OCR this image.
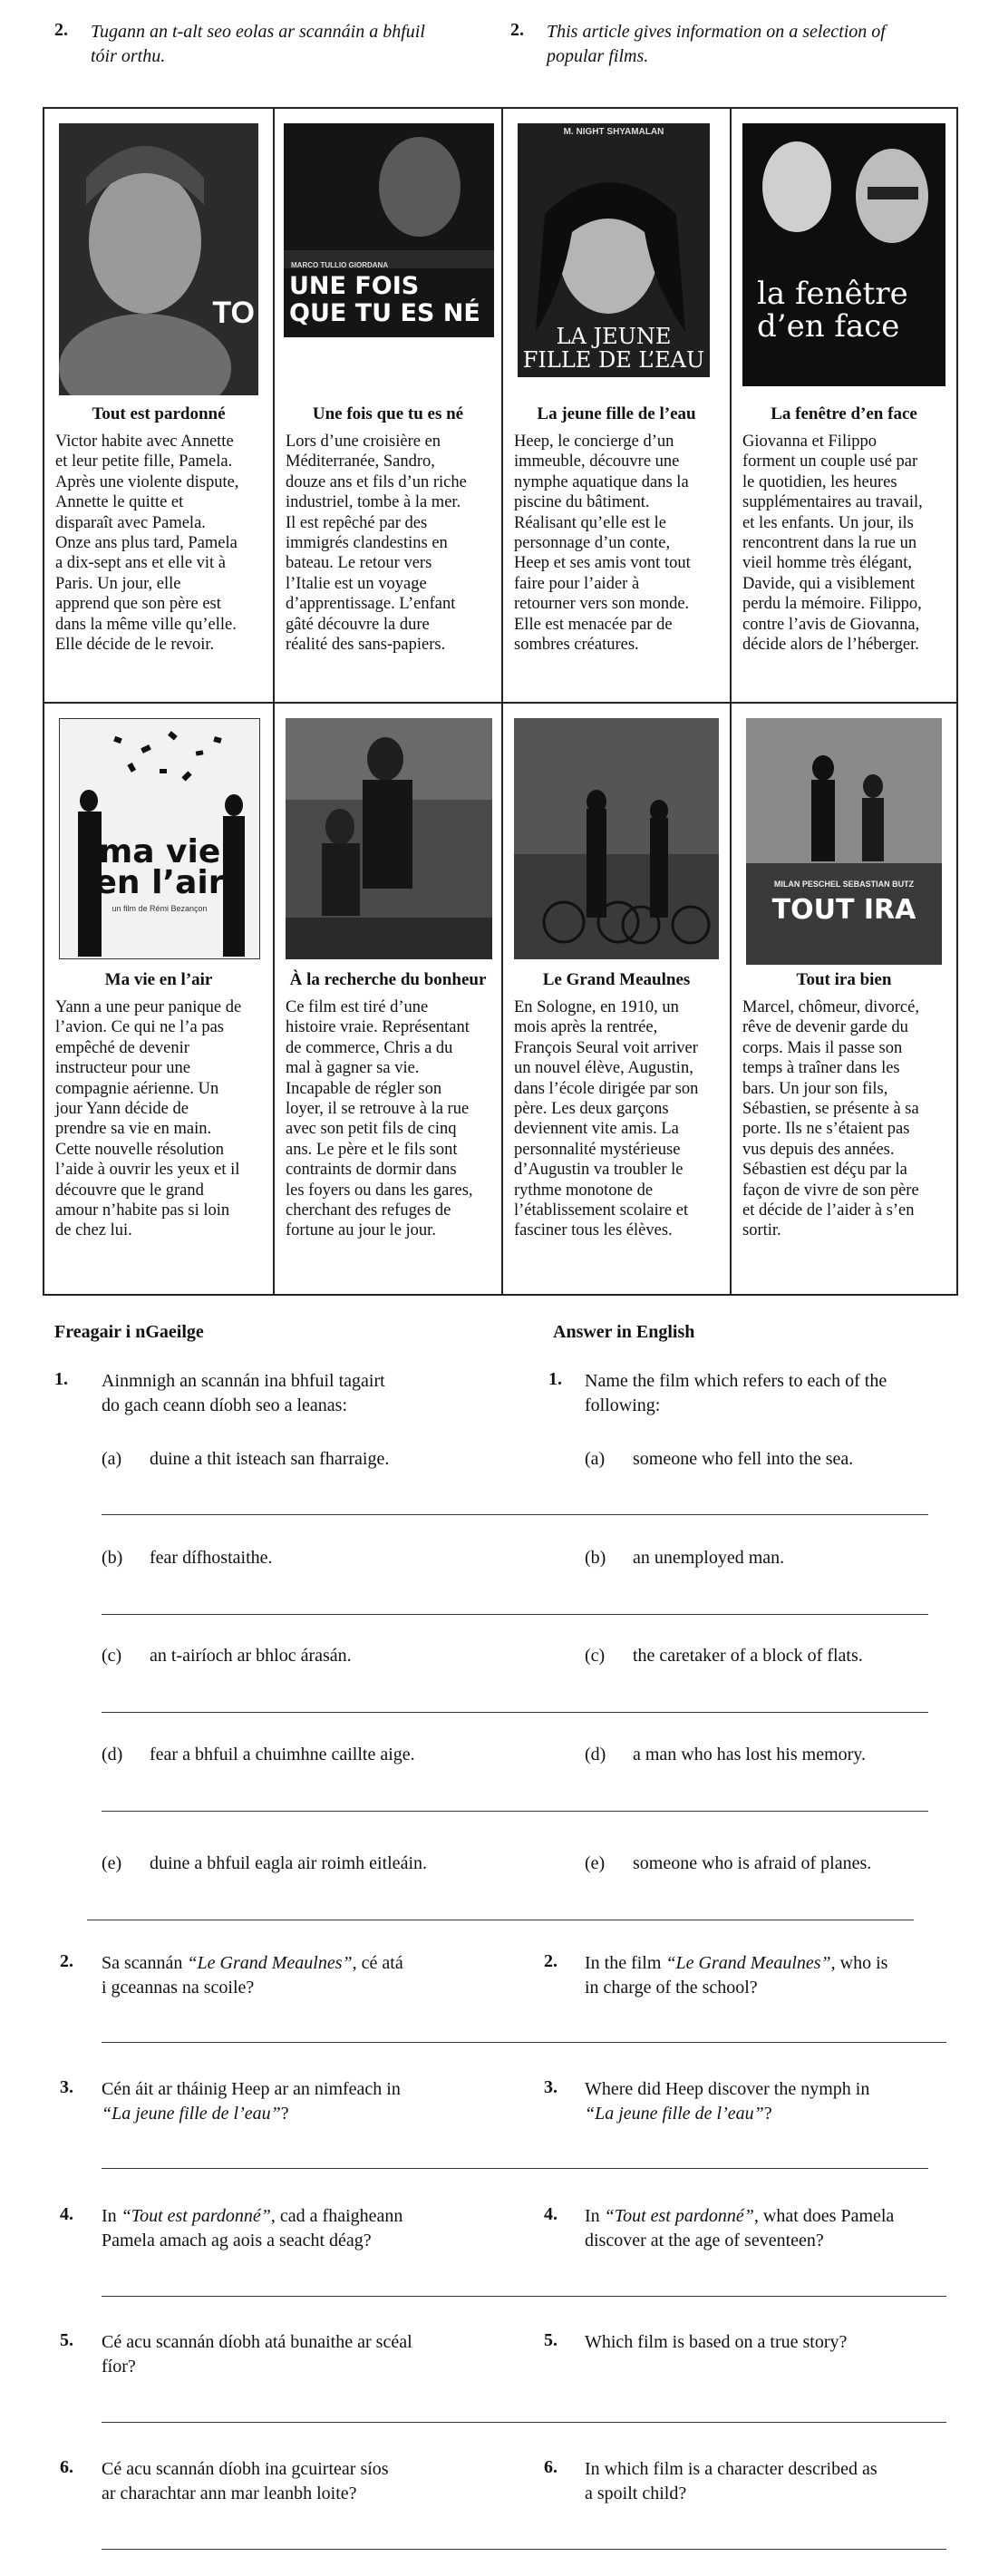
2. Tugann an t-alt seo eolas ar scannáin a bhfuil
tóir orthu.
2. This article gives information on a selection of
popular films.
TO
Tout est pardonné
Victor habite avec Annette
et leur petite fille, Pamela.
Après une violente dispute,
Annette le quitte et
disparaît avec Pamela.
Onze ans plus tard, Pamela
a dix-sept ans et elle vit à
Paris. Un jour, elle
apprend que son père est
dans la même ville qu’elle.
Elle décide de le revoir.
MARCO TULLIO GIORDANA
UNE FOIS
QUE TU ES NÉ
Une fois que tu es né
Lors d’une croisière en
Méditerranée, Sandro,
douze ans et fils d’un riche
industriel, tombe à la mer.
Il est repêché par des
immigrés clandestins en
bateau. Le retour vers
l’Italie est un voyage
d’apprentissage. L’enfant
gâté découvre la dure
réalité des sans-papiers.
M. NIGHT SHYAMALAN
LA JEUNE
FILLE DE L’EAU
La jeune fille de l’eau
Heep, le concierge d’un
immeuble, découvre une
nymphe aquatique dans la
piscine du bâtiment.
Réalisant qu’elle est le
personnage d’un conte,
Heep et ses amis vont tout
faire pour l’aider à
retourner vers son monde.
Elle est menacée par de
sombres créatures.
la fenêtre
d’en face
La fenêtre d’en face
Giovanna et Filippo
forment un couple usé par
le quotidien, les heures
supplémentaires au travail,
et les enfants. Un jour, ils
rencontrent dans la rue un
vieil homme très élégant,
Davide, qui a visiblement
perdu la mémoire. Filippo,
contre l’avis de Giovanna,
décide alors de l’héberger.
ma vie
en l’air
un film de Rémi Bezançon
Ma vie en l’air
Yann a une peur panique de
l’avion. Ce qui ne l’a pas
empêché de devenir
instructeur pour une
compagnie aérienne. Un
jour Yann décide de
prendre sa vie en main.
Cette nouvelle résolution
l’aide à ouvrir les yeux et il
découvre que le grand
amour n’habite pas si loin
de chez lui.
À la recherche du bonheur
Ce film est tiré d’une
histoire vraie. Représentant
de commerce, Chris a du
mal à gagner sa vie.
Incapable de régler son
loyer, il se retrouve à la rue
avec son petit fils de cinq
ans. Le père et le fils sont
contraints de dormir dans
les foyers ou dans les gares,
cherchant des refuges de
fortune au jour le jour.
Le Grand Meaulnes
En Sologne, en 1910, un
mois après la rentrée,
François Seural voit arriver
un nouvel élève, Augustin,
dans l’école dirigée par son
père. Les deux garçons
deviennent vite amis. La
personnalité mystérieuse
d’Augustin va troubler le
rythme monotone de
l’établissement scolaire et
fasciner tous les élèves.
MILAN PESCHEL SEBASTIAN BUTZ
TOUT IRA
Tout ira bien
Marcel, chômeur, divorcé,
rêve de devenir garde du
corps. Mais il passe son
temps à traîner dans les
bars. Un jour son fils,
Sébastien, se présente à sa
porte. Ils ne s’étaient pas
vus depuis des années.
Sébastien est déçu par la
façon de vivre de son père
et décide de l’aider à s’en
sortir.
Freagair i nGaeilge	Answer in English
1. Ainmnigh an scannán ina bhfuil tagairt
do gach ceann díobh seo a leanas:
1. Name the film which refers to each of the
following:
(a) duine a thit isteach san fharraige.	(a) someone who fell into the sea.
(b) fear dífhostaithe.	(b) an unemployed man.
(c) an t-airíoch ar bhloc árasán.	(c) the caretaker of a block of flats.
(d) fear a bhfuil a chuimhne caillte aige.	(d) a man who has lost his memory.
(e) duine a bhfuil eagla air roimh eitleáin.	(e) someone who is afraid of planes.
2. Sa scannán “Le Grand Meaulnes”, cé atá
i gceannas na scoile?
2. In the film “Le Grand Meaulnes”, who is
in charge of the school?
3. Cén áit ar tháinig Heep ar an nimfeach in
“La jeune fille de l’eau”?
3. Where did Heep discover the nymph in
“La jeune fille de l’eau”?
4. In “Tout est pardonné”, cad a fhaigheann
Pamela amach ag aois a seacht déag?
4. In “Tout est pardonné”, what does Pamela
discover at the age of seventeen?
5. Cé acu scannán díobh atá bunaithe ar scéal
fíor?
5. Which film is based on a true story?
6. Cé acu scannán díobh ina gcuirtear síos
ar charachtar ann mar leanbh loite?
6. In which film is a character described as
a spoilt child?
